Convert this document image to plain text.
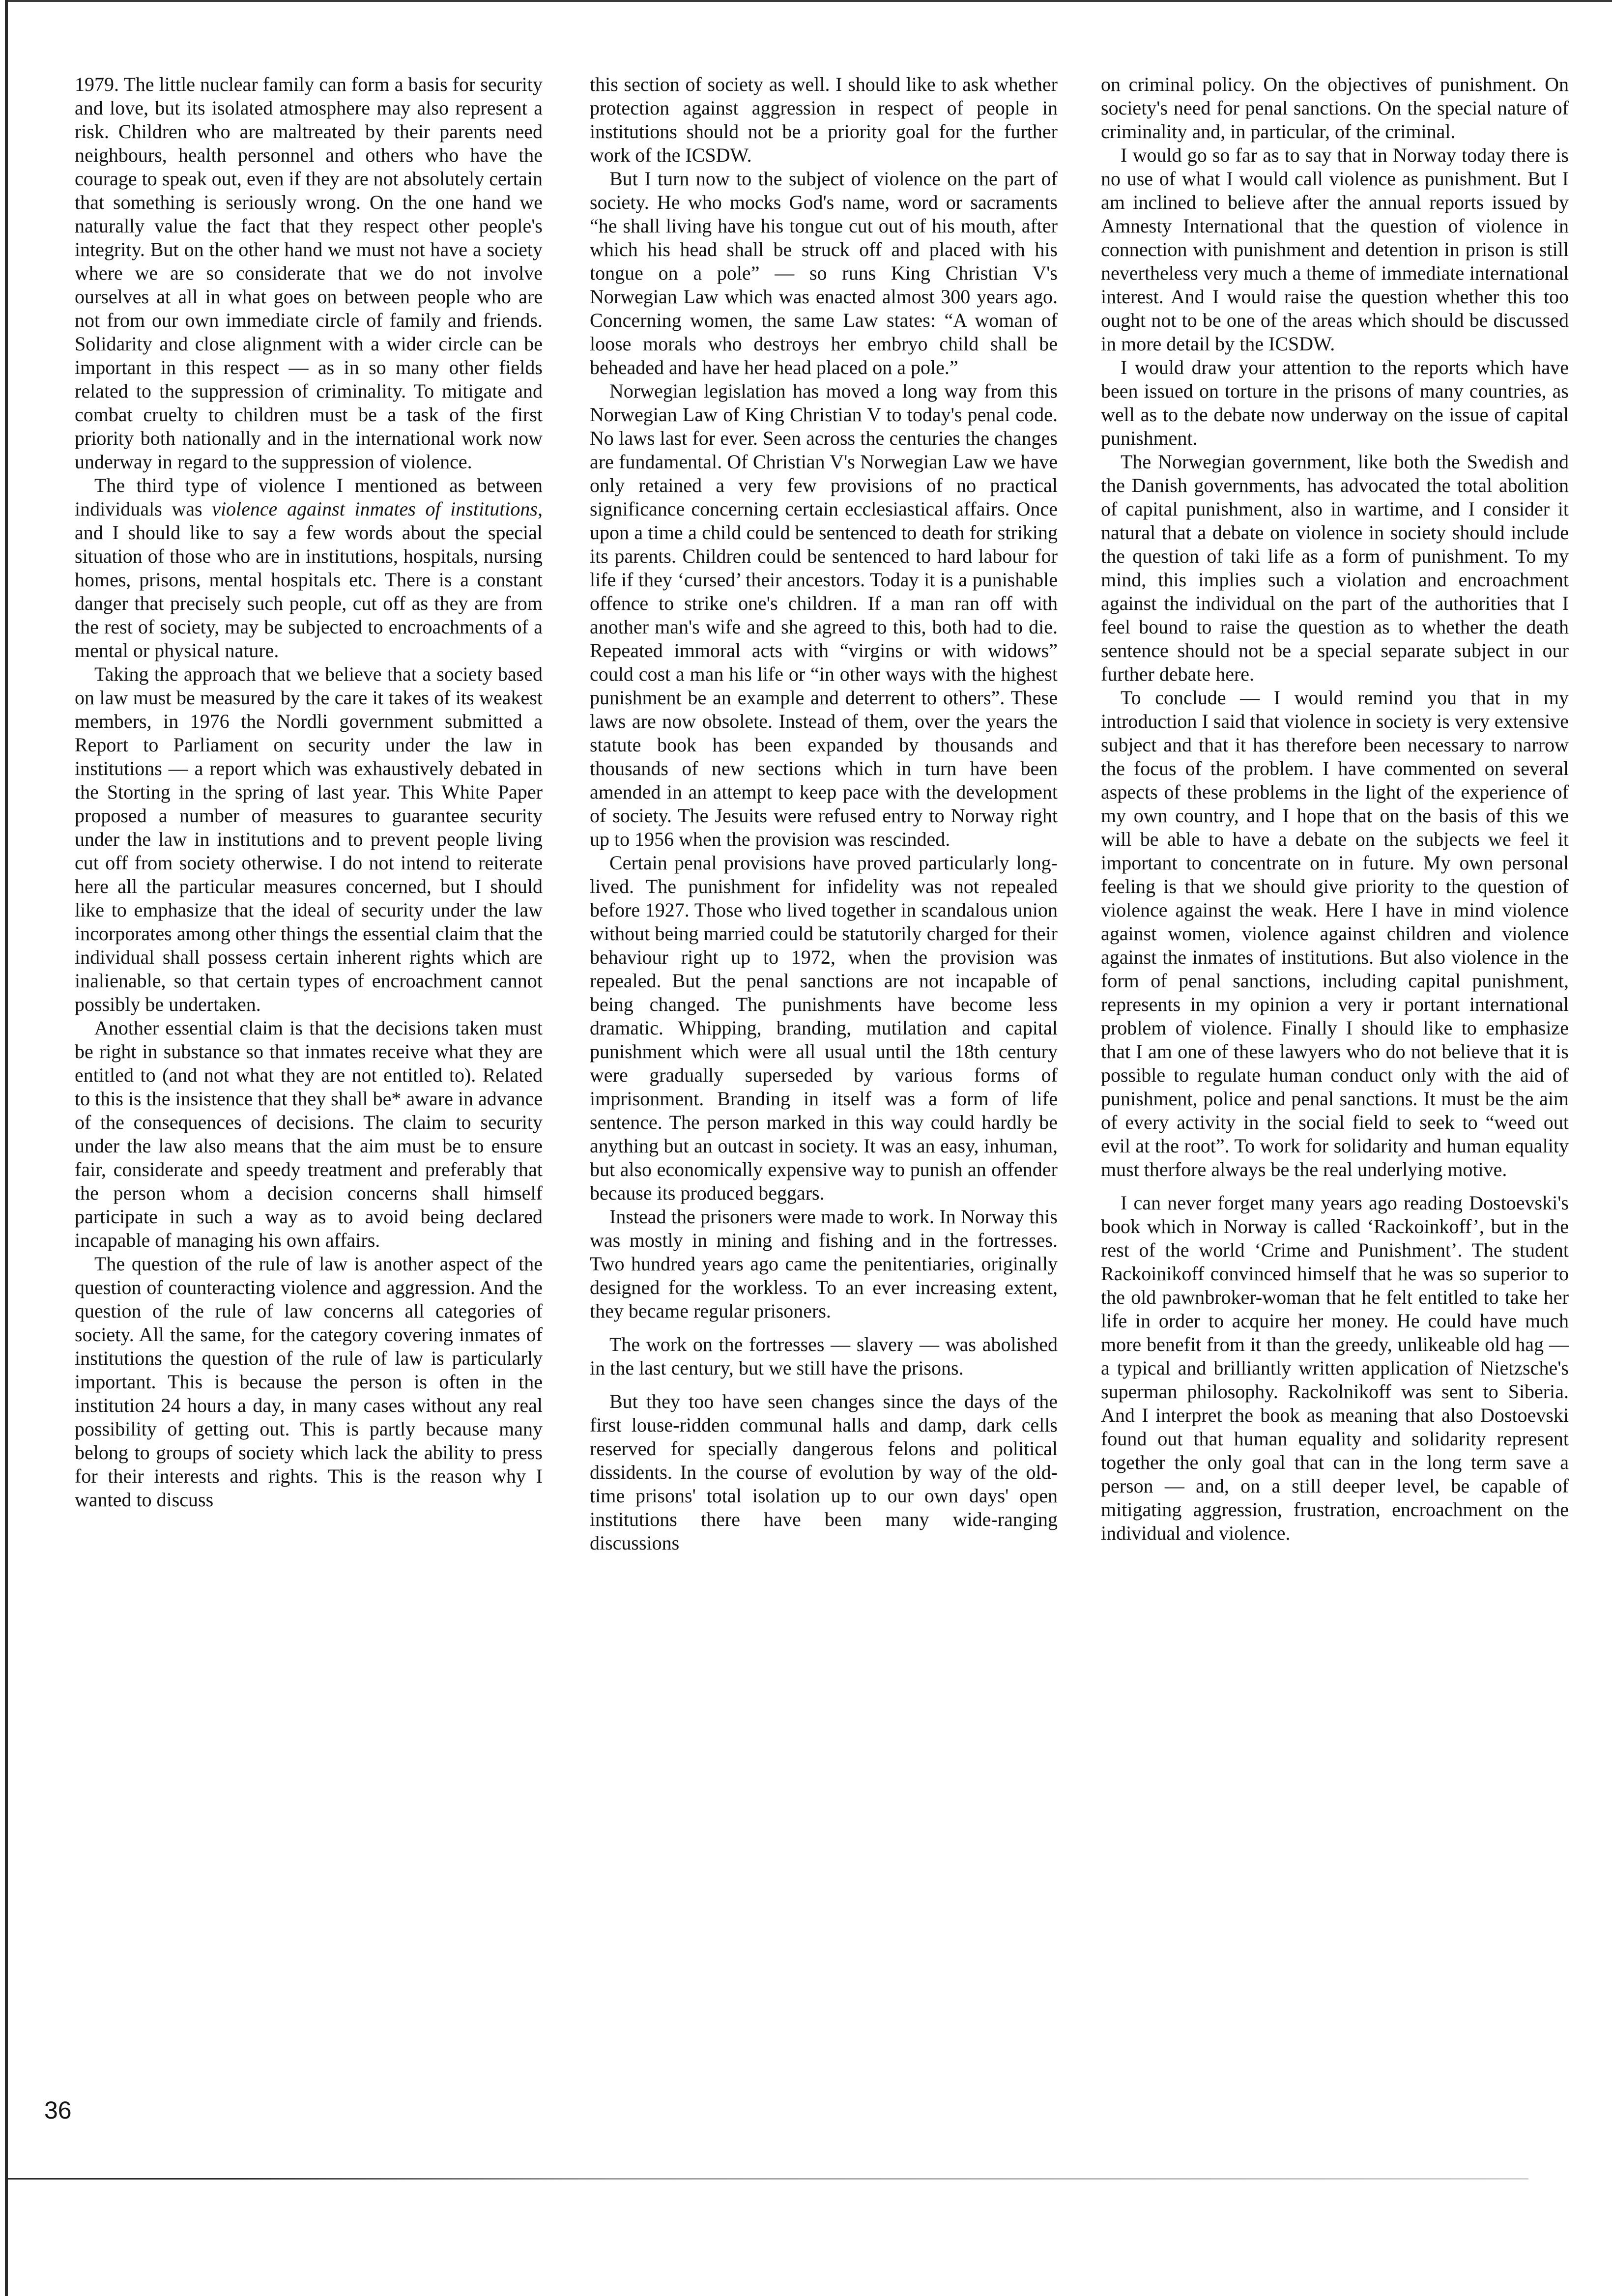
1979. The little nuclear family can form a basis for security and love, but its isolated atmosphere may also represent a risk. Children who are maltreated by their parents need neighbours, health personnel and others who have the courage to speak out, even if they are not absolutely certain that something is seriously wrong. On the one hand we naturally value the fact that they respect other people's integrity. But on the other hand we must not have a society where we are so considerate that we do not involve ourselves at all in what goes on between people who are not from our own immediate circle of family and friends. Solidarity and close alignment with a wider circle can be important in this respect — as in so many other fields related to the suppression of criminality. To mitigate and combat cruelty to children must be a task of the first priority both nationally and in the international work now underway in regard to the suppression of violence.

The third type of violence I mentioned as between individuals was violence against inmates of institutions, and I should like to say a few words about the special situation of those who are in institutions, hospitals, nursing homes, prisons, mental hospitals etc. There is a constant danger that precisely such people, cut off as they are from the rest of society, may be subjected to encroachments of a mental or physical nature.

Taking the approach that we believe that a society based on law must be measured by the care it takes of its weakest members, in 1976 the Nordli government submitted a Report to Parliament on security under the law in institutions — a report which was exhaustively debated in the Storting in the spring of last year. This White Paper proposed a number of measures to guarantee security under the law in institutions and to prevent people living cut off from society otherwise. I do not intend to reiterate here all the particular measures concerned, but I should like to emphasize that the ideal of security under the law incorporates among other things the essential claim that the individual shall possess certain inherent rights which are inalienable, so that certain types of encroachment cannot possibly be undertaken.

Another essential claim is that the decisions taken must be right in substance so that inmates receive what they are entitled to (and not what they are not entitled to). Related to this is the insistence that they shall be* aware in advance of the consequences of decisions. The claim to security under the law also means that the aim must be to ensure fair, considerate and speedy treatment and preferably that the person whom a decision concerns shall himself participate in such a way as to avoid being declared incapable of managing his own affairs.

The question of the rule of law is another aspect of the question of counteracting violence and aggression. And the question of the rule of law concerns all categories of society. All the same, for the category covering inmates of institutions the question of the rule of law is particularly important. This is because the person is often in the institution 24 hours a day, in many cases without any real possibility of getting out. This is partly because many belong to groups of society which lack the ability to press for their interests and rights. This is the reason why I wanted to discuss

this section of society as well. I should like to ask whether protection against aggression in respect of people in institutions should not be a priority goal for the further work of the ICSDW.

But I turn now to the subject of violence on the part of society. He who mocks God's name, word or sacraments “he shall living have his tongue cut out of his mouth, after which his head shall be struck off and placed with his tongue on a pole” — so runs King Christian V's Norwegian Law which was enacted almost 300 years ago. Concerning women, the same Law states: “A woman of loose morals who destroys her embryo child shall be beheaded and have her head placed on a pole.”

Norwegian legislation has moved a long way from this Norwegian Law of King Christian V to today's penal code. No laws last for ever. Seen across the centuries the changes are fundamental. Of Christian V's Norwegian Law we have only retained a very few provisions of no practical significance concerning certain ecclesiastical affairs. Once upon a time a child could be sentenced to death for striking its parents. Children could be sentenced to hard labour for life if they ‘cursed’ their ancestors. Today it is a punishable offence to strike one's children. If a man ran off with another man's wife and she agreed to this, both had to die. Repeated immoral acts with “virgins or with widows” could cost a man his life or “in other ways with the highest punishment be an example and deterrent to others”. These laws are now obsolete. Instead of them, over the years the statute book has been expanded by thousands and thousands of new sections which in turn have been amended in an attempt to keep pace with the development of society. The Jesuits were refused entry to Norway right up to 1956 when the provision was rescinded.

Certain penal provisions have proved particularly long-lived. The punishment for infidelity was not repealed before 1927. Those who lived together in scandalous union without being married could be statutorily charged for their behaviour right up to 1972, when the provision was repealed. But the penal sanctions are not incapable of being changed. The punishments have become less dramatic. Whipping, branding, mutilation and capital punishment which were all usual until the 18th century were gradually superseded by various forms of imprisonment. Branding in itself was a form of life sentence. The person marked in this way could hardly be anything but an outcast in society. It was an easy, inhuman, but also economically expensive way to punish an offender because its produced beggars.

Instead the prisoners were made to work. In Norway this was mostly in mining and fishing and in the fortresses. Two hundred years ago came the penitentiaries, originally designed for the workless. To an ever increasing extent, they became regular prisoners.

The work on the fortresses — slavery — was abolished in the last century, but we still have the prisons.

But they too have seen changes since the days of the first louse-ridden communal halls and damp, dark cells reserved for specially dangerous felons and political dissidents. In the course of evolution by way of the old-time prisons' total isolation up to our own days' open institutions there have been many wide-ranging discussions

on criminal policy. On the objectives of punishment. On society's need for penal sanctions. On the special nature of criminality and, in particular, of the criminal.

I would go so far as to say that in Norway today there is no use of what I would call violence as punishment. But I am inclined to believe after the annual reports issued by Amnesty International that the question of violence in connection with punishment and detention in prison is still nevertheless very much a theme of immediate international interest. And I would raise the question whether this too ought not to be one of the areas which should be discussed in more detail by the ICSDW.

I would draw your attention to the reports which have been issued on torture in the prisons of many countries, as well as to the debate now underway on the issue of capital punishment.

The Norwegian government, like both the Swedish and the Danish governments, has advocated the total abolition of capital punishment, also in wartime, and I consider it natural that a debate on violence in society should include the question of taki life as a form of punishment. To my mind, this implies such a violation and encroachment against the individual on the part of the authorities that I feel bound to raise the question as to whether the death sentence should not be a special separate subject in our further debate here.

To conclude — I would remind you that in my introduction I said that violence in society is very extensive subject and that it has therefore been necessary to narrow the focus of the problem. I have commented on several aspects of these problems in the light of the experience of my own country, and I hope that on the basis of this we will be able to have a debate on the subjects we feel it important to concentrate on in future. My own personal feeling is that we should give priority to the question of violence against the weak. Here I have in mind violence against women, violence against children and violence against the inmates of institutions. But also violence in the form of penal sanctions, including capital punishment, represents in my opinion a very ir portant international problem of violence. Finally I should like to emphasize that I am one of these lawyers who do not believe that it is possible to regulate human conduct only with the aid of punishment, police and penal sanctions. It must be the aim of every activity in the social field to seek to “weed out evil at the root”. To work for solidarity and human equality must therfore always be the real underlying motive.

I can never forget many years ago reading Dostoevski's book which in Norway is called ‘Rackoinkoff’, but in the rest of the world ‘Crime and Punishment’. The student Rackoinikoff convinced himself that he was so superior to the old pawnbroker-woman that he felt entitled to take her life in order to acquire her money. He could have much more benefit from it than the greedy, unlikeable old hag — a typical and brilliantly written application of Nietzsche's superman philosophy. Rackolnikoff was sent to Siberia. And I interpret the book as meaning that also Dostoevski found out that human equality and solidarity represent together the only goal that can in the long term save a person — and, on a still deeper level, be capable of mitigating aggression, frustration, encroachment on the individual and violence.

36
